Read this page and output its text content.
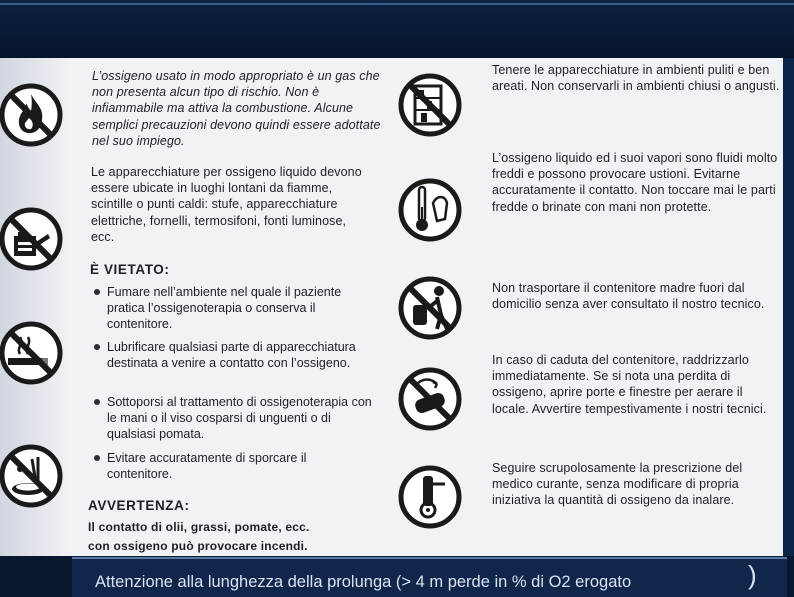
L’ossigeno usato in modo appropriato è un gas che non presenta alcun tipo di rischio. Non è infiammabile ma attiva la combustione. Alcune semplici precauzioni devono quindi essere adottate nel suo impiego.
Le apparecchiature per ossigeno liquido devono essere ubicate in luoghi lontani da fiamme, scintille o punti caldi: stufe, apparecchiature elettriche, fornelli, termosifoni, fonti luminose, ecc.
È VIETATO:
Fumare nell’ambiente nel quale il paziente pratica l’ossigenoterapia o conserva il contenitore.
Lubrificare qualsiasi parte di apparecchiatura destinata a venire a contatto con l’ossigeno.
Sottoporsi al trattamento di ossigenoterapia con le mani o il viso cosparsi di unguenti o di qualsiasi pomata.
Evitare accuratamente di sporcare il contenitore.
AVVERTENZA:
Il contatto di olii, grassi, pomate, ecc.
con ossigeno può provocare incendi.
Tenere le apparecchiature in ambienti puliti e ben areati. Non conservarli in ambienti chiusi o angusti.
L’ossigeno liquido ed i suoi vapori sono fluidi molto freddi e possono provocare ustioni. Evitarne accuratamente il contatto. Non toccare mai le parti fredde o brinate con mani non protette.
Non trasportare il contenitore madre fuori dal domicilio senza aver consultato il nostro tecnico.
In caso di caduta del contenitore, raddrizzarlo immediatamente. Se si nota una perdita di ossigeno, aprire porte e finestre per aerare il locale. Avvertire tempestivamente i nostri tecnici.
Seguire scrupolosamente la prescrizione del medico curante, senza modificare di propria iniziativa la quantità di ossigeno da inalare.
Attenzione alla lunghezza della prolunga (> 4 m perde in % di O2 erogato	)
